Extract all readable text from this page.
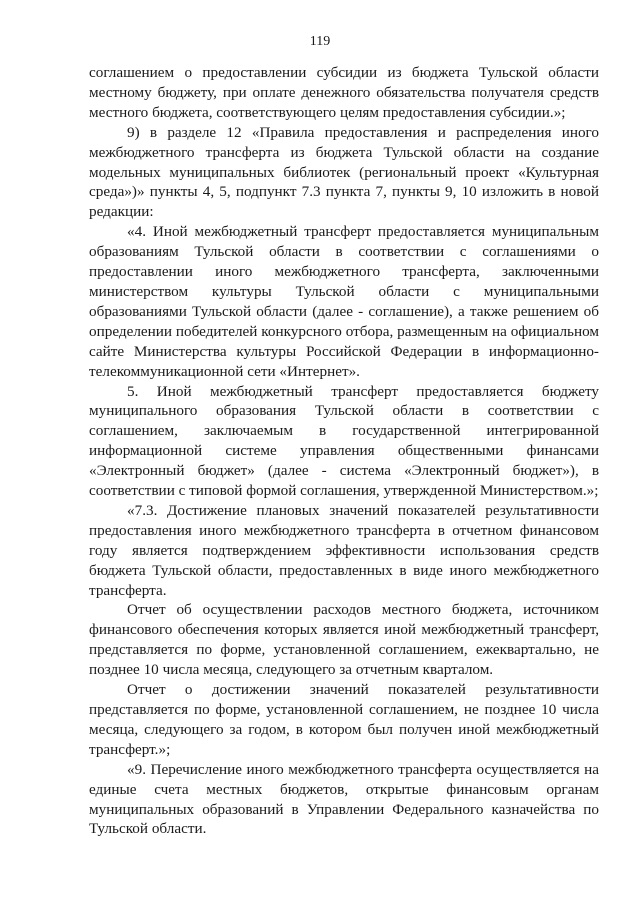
119

соглашением о предоставлении субсидии из бюджета Тульской области местному бюджету, при оплате денежного обязательства получателя средств местного бюджета, соответствующего целям предоставления субсидии.»;

9) в разделе 12 «Правила предоставления и распределения иного межбюджетного трансферта из бюджета Тульской области на создание модельных муниципальных библиотек (региональный проект «Культурная среда»)» пункты 4, 5, подпункт 7.3 пункта 7, пункты 9, 10 изложить в новой редакции:

«4. Иной межбюджетный трансферт предоставляется муниципальным образованиям Тульской области в соответствии с соглашениями о предоставлении иного межбюджетного трансферта, заключенными министерством культуры Тульской области с муниципальными образованиями Тульской области (далее - соглашение), а также решением об определении победителей конкурсного отбора, размещенным на официальном сайте Министерства культуры Российской Федерации в информационно-телекоммуникационной сети «Интернет».

5. Иной межбюджетный трансферт предоставляется бюджету муниципального образования Тульской области в соответствии с соглашением, заключаемым в государственной интегрированной информационной системе управления общественными финансами «Электронный бюджет» (далее - система «Электронный бюджет»), в соответствии с типовой формой соглашения, утвержденной Министерством.»;

«7.3. Достижение плановых значений показателей результативности предоставления иного межбюджетного трансферта в отчетном финансовом году является подтверждением эффективности использования средств бюджета Тульской области, предоставленных в виде иного межбюджетного трансферта.

Отчет об осуществлении расходов местного бюджета, источником финансового обеспечения которых является иной межбюджетный трансферт, представляется по форме, установленной соглашением, ежеквартально, не позднее 10 числа месяца, следующего за отчетным кварталом.

Отчет о достижении значений показателей результативности представляется по форме, установленной соглашением, не позднее 10 числа месяца, следующего за годом, в котором был получен иной межбюджетный трансферт.»;

«9. Перечисление иного межбюджетного трансферта осуществляется на единые счета местных бюджетов, открытые финансовым органам муниципальных образований в Управлении Федерального казначейства по Тульской области.
